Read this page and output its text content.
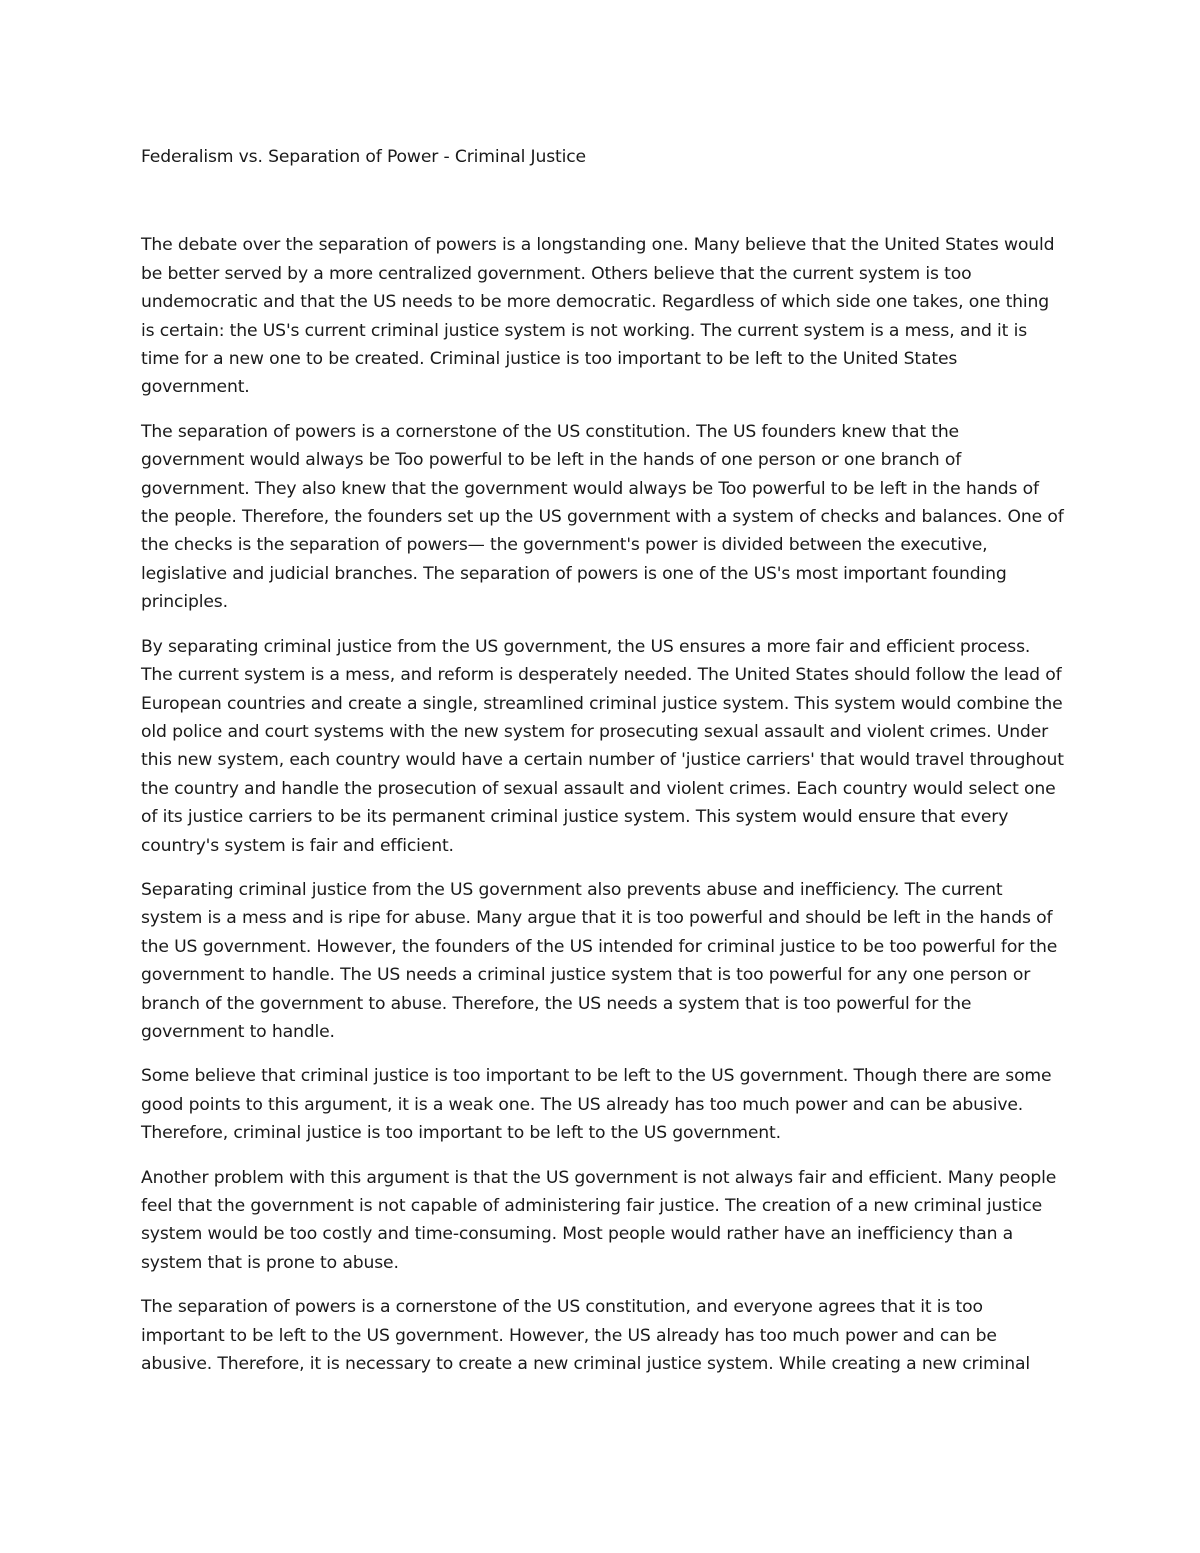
Federalism vs. Separation of Power - Criminal Justice

The debate over the separation of powers is a longstanding one. Many believe that the United States would be better served by a more centralized government. Others believe that the current system is too undemocratic and that the US needs to be more democratic. Regardless of which side one takes, one thing is certain: the US's current criminal justice system is not working. The current system is a mess, and it is time for a new one to be created. Criminal justice is too important to be left to the United States government.

The separation of powers is a cornerstone of the US constitution. The US founders knew that the government would always be Too powerful to be left in the hands of one person or one branch of government. They also knew that the government would always be Too powerful to be left in the hands of the people. Therefore, the founders set up the US government with a system of checks and balances. One of the checks is the separation of powers— the government's power is divided between the executive, legislative and judicial branches. The separation of powers is one of the US's most important founding principles.

By separating criminal justice from the US government, the US ensures a more fair and efficient process. The current system is a mess, and reform is desperately needed. The United States should follow the lead of European countries and create a single, streamlined criminal justice system. This system would combine the old police and court systems with the new system for prosecuting sexual assault and violent crimes. Under this new system, each country would have a certain number of 'justice carriers' that would travel throughout the country and handle the prosecution of sexual assault and violent crimes. Each country would select one of its justice carriers to be its permanent criminal justice system. This system would ensure that every country's system is fair and efficient.

Separating criminal justice from the US government also prevents abuse and inefficiency. The current system is a mess and is ripe for abuse. Many argue that it is too powerful and should be left in the hands of the US government. However, the founders of the US intended for criminal justice to be too powerful for the government to handle. The US needs a criminal justice system that is too powerful for any one person or branch of the government to abuse. Therefore, the US needs a system that is too powerful for the government to handle.

Some believe that criminal justice is too important to be left to the US government. Though there are some good points to this argument, it is a weak one. The US already has too much power and can be abusive. Therefore, criminal justice is too important to be left to the US government.

Another problem with this argument is that the US government is not always fair and efficient. Many people feel that the government is not capable of administering fair justice. The creation of a new criminal justice system would be too costly and time-consuming. Most people would rather have an inefficiency than a system that is prone to abuse.

The separation of powers is a cornerstone of the US constitution, and everyone agrees that it is too important to be left to the US government. However, the US already has too much power and can be abusive. Therefore, it is necessary to create a new criminal justice system. While creating a new criminal
